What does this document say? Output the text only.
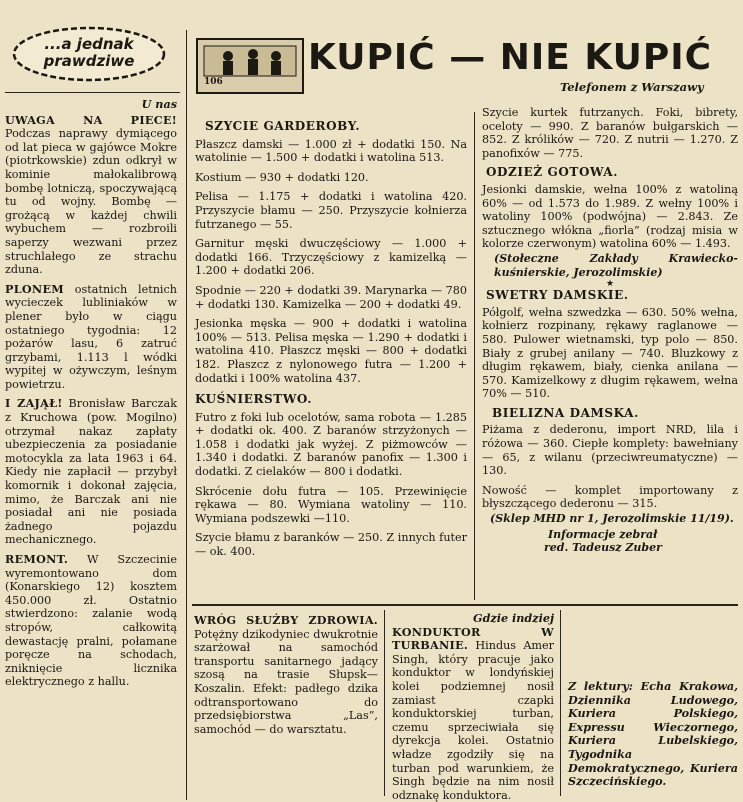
...a jednak
prawdziwe
106
KUPIĆ — NIE KUPIĆ
Telefonem z Warszawy
U nas

UWAGA NA PIECE! Podczas naprawy dymiącego od lat pieca w gajówce Mokre (piotrkowskie) zdun odkrył w kominie małokalibrową bombę lotniczą, spoczywającą tu od wojny. Bombę — grożącą w każdej chwili wybuchem — rozbroili saperzy wezwani przez struchlałego ze strachu zduna.

PLONEM ostatnich letnich wycieczek lubliniaków w plener było w ciągu ostatniego tygodnia: 12 pożarów lasu, 6 zatruć grzybami, 1.113 l wódki wypitej w ożywczym, leśnym powietrzu.

I ZAJĄŁ! Bronisław Barczak z Kruchowa (pow. Mogilno) otrzymał nakaz zapłaty ubezpieczenia za posiadanie motocykla za lata 1963 i 64. Kiedy nie zapłacił — przybył komornik i dokonał zajęcia, mimo, że Barczak ani nie posiadał ani nie posiada żadnego pojazdu mechanicznego.

REMONT. W Szczecinie wyremontowano dom (Konarskiego 12) kosztem 450.000 zł. Ostatnio stwierdzono: zalanie wodą stropów, całkowitą dewastację pralni, połamane poręcze na schodach, zniknięcie licznika elektrycznego z hallu.

SZYCIE GARDEROBY.

Płaszcz damski — 1.000 zł + dodatki 150. Na watolinie — 1.500 + dodatki i watolina 513.

Kostium — 930 + dodatki 120.

Pelisa — 1.175 + dodatki i watolina 420. Przyszycie błamu — 250. Przyszycie kołnierza futrzanego — 55.

Garnitur męski dwuczęściowy — 1.000 + dodatki 166. Trzyczęściowy z kamizelką — 1.200 + dodatki 206.

Spodnie — 220 + dodatki 39. Marynarka — 780 + dodatki 130. Kamizelka — 200 + dodatki 49.

Jesionka męska — 900 + dodatki i watolina 100% — 513. Pelisa męska — 1.290 + dodatki i watolina 410. Płaszcz męski — 800 + dodatki 182. Płaszcz z nylonowego futra — 1.200 + dodatki i 100% watolina 437.

KUŚNIERSTWO.

Futro z foki lub ocelotów, sama robota — 1.285 + dodatki ok. 400. Z baranów strzyżonych — 1.058 i dodatki jak wyżej. Z piżmowców — 1.340 i dodatki. Z baranów panofix — 1.300 i dodatki. Z cielaków — 800 i dodatki.

Skrócenie dołu futra — 105. Przewinięcie rękawa — 80. Wymiana watoliny — 110. Wymiana podszewki —110.

Szycie błamu z baranków — 250. Z innych futer — ok. 400.

Szycie kurtek futrzanych. Foki, bibrety, oceloty — 990. Z baranów bułgarskich — 852. Z królików — 720. Z nutrii — 1.270. Z panofixów — 775.

ODZIEŻ GOTOWA.

Jesionki damskie, wełna 100% z watoliną 60% — od 1.573 do 1.989. Z wełny 100% i watoliny 100% (podwójna) — 2.843. Ze sztucznego włókna „fiorla” (rodzaj misia w kolorze czerwonym) watolina 60% — 1.493.

(Stołeczne Zakłady Krawiecko-kuśnierskie, Jerozolimskie)

★
SWETRY DAMSKIE.

Półgolf, wełna szwedzka — 630. 50% wełna, kołnierz rozpinany, rękawy raglanowe — 580. Pulower wietnamski, typ polo — 850. Biały z grubej anilany — 740. Bluzkowy z długim rękawem, biały, cienka anilana — 570. Kamizelkowy z długim rękawem, wełna 70% — 510.

BIELIZNA DAMSKA.

Piżama z dederonu, import NRD, lila i różowa — 360. Ciepłe komplety: bawełniany — 65, z wilanu (przeciwreumatyczne) — 130.

Nowość — komplet importowany z błyszczącego dederonu — 315.

(Sklep MHD nr 1, Jerozolimskie 11/19).

Informacje zebrał
red. Tadeusz Zuber
WRÓG SŁUŻBY ZDROWIA. Potężny dzikodyniec dwukrotnie szarżował na samochód transportu sanitarnego jadący szosą na trasie Słupsk—Koszalin. Efekt: padłego dzika odtransportowano do przedsiębiorstwa „Las”, samochód — do warsztatu.
Gdzie indziej
KONDUKTOR W TURBANIE. Hindus Amer Singh, który pracuje jako konduktor w londyńskiej kolei podziemnej nosił zamiast czapki konduktorskiej turban, czemu sprzeciwiała się dyrekcja kolei. Ostatnio władze zgodziły się na turban pod warunkiem, że Singh będzie na nim nosił odznakę konduktora.
Z lektury: Echa Krakowa, Dziennika Ludowego, Kuriera Polskiego, Expressu Wieczornego, Kuriera Lubelskiego, Tygodnika Demokratycznego, Kuriera Szczecińskiego.
